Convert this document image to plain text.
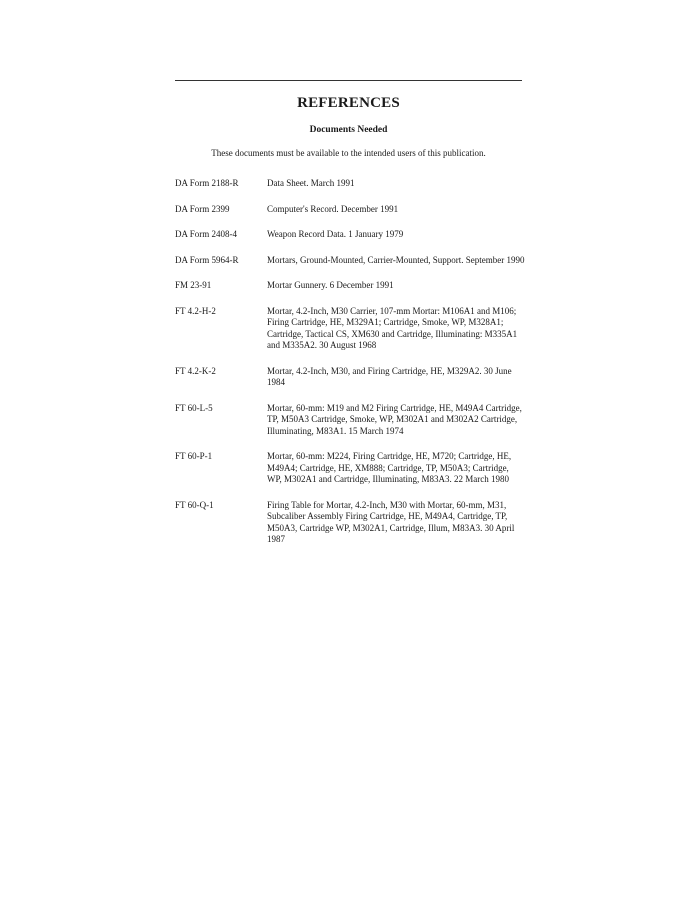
REFERENCES
Documents Needed

These documents must be available to the intended users of this publication.

DA Form 2188-R	Data Sheet. March 1991
DA Form 2399	Computer's Record. December 1991
DA Form 2408-4	Weapon Record Data. 1 January 1979
DA Form 5964-R	Mortars, Ground-Mounted, Carrier-Mounted, Support. September 1990
FM 23-91	Mortar Gunnery. 6 December 1991
FT 4.2-H-2	Mortar, 4.2-Inch, M30 Carrier, 107-mm Mortar: M106A1 and M106; Firing Cartridge, HE, M329A1; Cartridge, Smoke, WP, M328A1; Cartridge, Tactical CS, XM630 and Cartridge, Illuminating: M335A1 and M335A2. 30 August 1968
FT 4.2-K-2	Mortar, 4.2-Inch, M30, and Firing Cartridge, HE, M329A2. 30 June 1984
FT 60-L-5	Mortar, 60-mm: M19 and M2 Firing Cartridge, HE, M49A4 Cartridge, TP, M50A3 Cartridge, Smoke, WP, M302A1 and M302A2 Cartridge, Illuminating, M83A1. 15 March 1974
FT 60-P-1	Mortar, 60-mm: M224, Firing Cartridge, HE, M720; Cartridge, HE, M49A4; Cartridge, HE, XM888; Cartridge, TP, M50A3; Cartridge, WP, M302A1 and Cartridge, Illuminating, M83A3. 22 March 1980
FT 60-Q-1	Firing Table for Mortar, 4.2-Inch, M30 with Mortar, 60-mm, M31, Subcaliber Assembly Firing Cartridge, HE, M49A4, Cartridge, TP, M50A3, Cartridge WP, M302A1, Cartridge, Illum, M83A3. 30 April 1987
